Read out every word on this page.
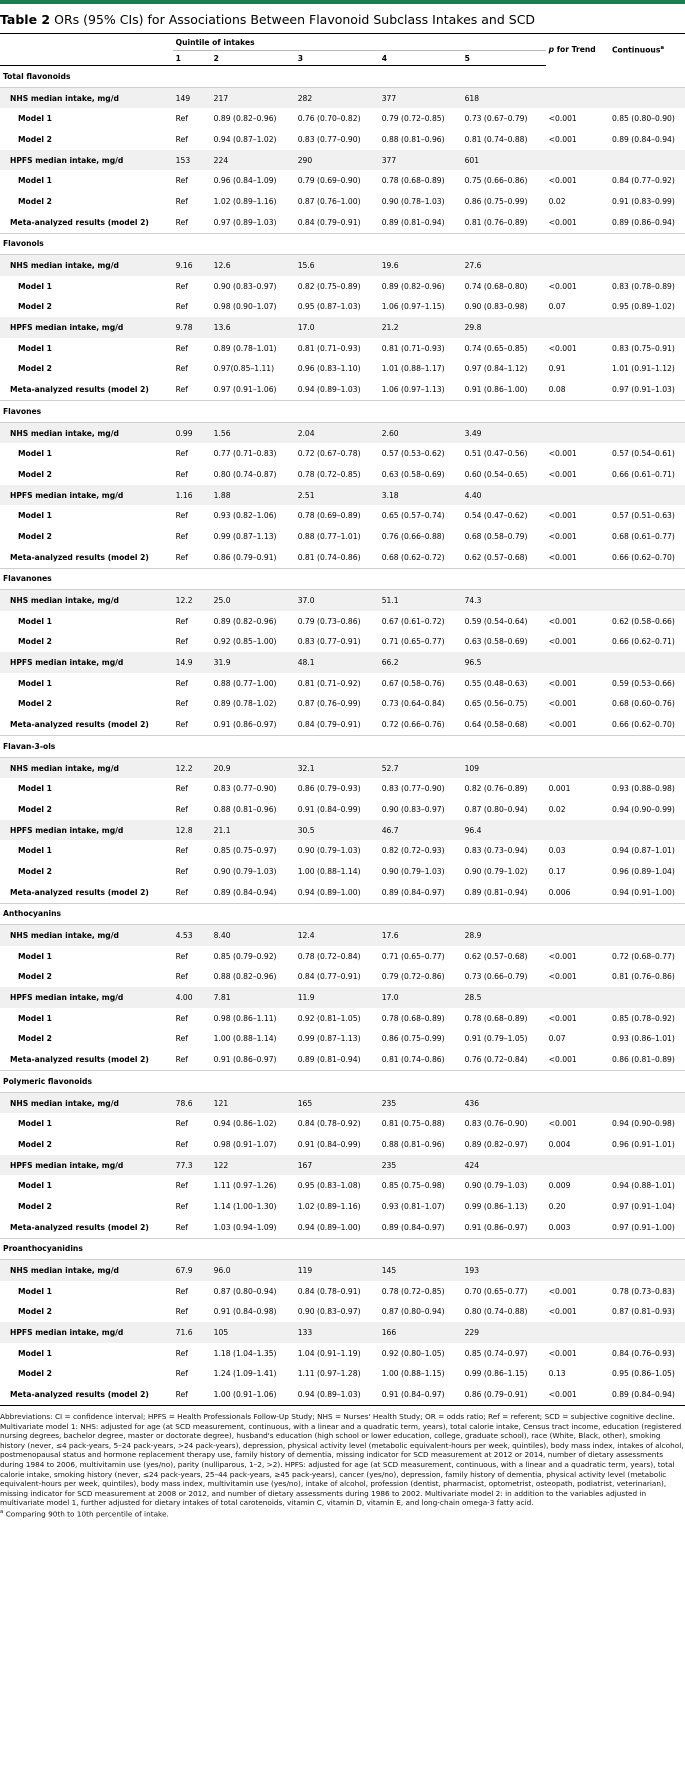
Table 2 ORs (95% CIs) for Associations Between Flavonoid Subclass Intakes and SCD
	Quintile of intakes					p for Trend	Continuous$^a$
	1	2	3	4	5		
Total flavonoids							
NHS median intake, mg/d	149	217	282	377	618		
Model 1	Ref	0.89 (0.82–0.96)	0.76 (0.70–0.82)	0.79 (0.72–0.85)	0.73 (0.67–0.79)	<0.001	0.85 (0.80–0.90)
Model 2	Ref	0.94 (0.87–1.02)	0.83 (0.77–0.90)	0.88 (0.81–0.96)	0.81 (0.74–0.88)	<0.001	0.89 (0.84–0.94)
HPFS median intake, mg/d	153	224	290	377	601		
Model 1	Ref	0.96 (0.84–1.09)	0.79 (0.69–0.90)	0.78 (0.68–0.89)	0.75 (0.66–0.86)	<0.001	0.84 (0.77–0.92)
Model 2	Ref	1.02 (0.89–1.16)	0.87 (0.76–1.00)	0.90 (0.78–1.03)	0.86 (0.75–0.99)	0.02	0.91 (0.83–0.99)
Meta-analyzed results (model 2)	Ref	0.97 (0.89–1.03)	0.84 (0.79–0.91)	0.89 (0.81–0.94)	0.81 (0.76–0.89)	<0.001	0.89 (0.86–0.94)
Flavonols							
NHS median intake, mg/d	9.16	12.6	15.6	19.6	27.6		
Model 1	Ref	0.90 (0.83–0.97)	0.82 (0.75–0.89)	0.89 (0.82–0.96)	0.74 (0.68–0.80)	<0.001	0.83 (0.78–0.89)
Model 2	Ref	0.98 (0.90–1.07)	0.95 (0.87–1.03)	1.06 (0.97–1.15)	0.90 (0.83–0.98)	0.07	0.95 (0.89–1.02)
HPFS median intake, mg/d	9.78	13.6	17.0	21.2	29.8		
Model 1	Ref	0.89 (0.78–1.01)	0.81 (0.71–0.93)	0.81 (0.71–0.93)	0.74 (0.65–0.85)	<0.001	0.83 (0.75–0.91)
Model 2	Ref	0.97(0.85–1.11)	0.96 (0.83–1.10)	1.01 (0.88–1.17)	0.97 (0.84–1.12)	0.91	1.01 (0.91–1.12)
Meta-analyzed results (model 2)	Ref	0.97 (0.91–1.06)	0.94 (0.89–1.03)	1.06 (0.97–1.13)	0.91 (0.86–1.00)	0.08	0.97 (0.91–1.03)
Flavones							
NHS median intake, mg/d	0.99	1.56	2.04	2.60	3.49		
Model 1	Ref	0.77 (0.71–0.83)	0.72 (0.67–0.78)	0.57 (0.53–0.62)	0.51 (0.47–0.56)	<0.001	0.57 (0.54–0.61)
Model 2	Ref	0.80 (0.74–0.87)	0.78 (0.72–0.85)	0.63 (0.58–0.69)	0.60 (0.54–0.65)	<0.001	0.66 (0.61–0.71)
HPFS median intake, mg/d	1.16	1.88	2.51	3.18	4.40		
Model 1	Ref	0.93 (0.82–1.06)	0.78 (0.69–0.89)	0.65 (0.57–0.74)	0.54 (0.47–0.62)	<0.001	0.57 (0.51–0.63)
Model 2	Ref	0.99 (0.87–1.13)	0.88 (0.77–1.01)	0.76 (0.66–0.88)	0.68 (0.58–0.79)	<0.001	0.68 (0.61–0.77)
Meta-analyzed results (model 2)	Ref	0.86 (0.79–0.91)	0.81 (0.74–0.86)	0.68 (0.62–0.72)	0.62 (0.57–0.68)	<0.001	0.66 (0.62–0.70)
Flavanones							
NHS median intake, mg/d	12.2	25.0	37.0	51.1	74.3		
Model 1	Ref	0.89 (0.82–0.96)	0.79 (0.73–0.86)	0.67 (0.61–0.72)	0.59 (0.54–0.64)	<0.001	0.62 (0.58–0.66)
Model 2	Ref	0.92 (0.85–1.00)	0.83 (0.77–0.91)	0.71 (0.65–0.77)	0.63 (0.58–0.69)	<0.001	0.66 (0.62–0.71)
HPFS median intake, mg/d	14.9	31.9	48.1	66.2	96.5		
Model 1	Ref	0.88 (0.77–1.00)	0.81 (0.71–0.92)	0.67 (0.58–0.76)	0.55 (0.48–0.63)	<0.001	0.59 (0.53–0.66)
Model 2	Ref	0.89 (0.78–1.02)	0.87 (0.76–0.99)	0.73 (0.64–0.84)	0.65 (0.56–0.75)	<0.001	0.68 (0.60–0.76)
Meta-analyzed results (model 2)	Ref	0.91 (0.86–0.97)	0.84 (0.79–0.91)	0.72 (0.66–0.76)	0.64 (0.58–0.68)	<0.001	0.66 (0.62–0.70)
Flavan-3-ols							
NHS median intake, mg/d	12.2	20.9	32.1	52.7	109		
Model 1	Ref	0.83 (0.77–0.90)	0.86 (0.79–0.93)	0.83 (0.77–0.90)	0.82 (0.76–0.89)	0.001	0.93 (0.88–0.98)
Model 2	Ref	0.88 (0.81–0.96)	0.91 (0.84–0.99)	0.90 (0.83–0.97)	0.87 (0.80–0.94)	0.02	0.94 (0.90–0.99)
HPFS median intake, mg/d	12.8	21.1	30.5	46.7	96.4		
Model 1	Ref	0.85 (0.75–0.97)	0.90 (0.79–1.03)	0.82 (0.72–0.93)	0.83 (0.73–0.94)	0.03	0.94 (0.87–1.01)
Model 2	Ref	0.90 (0.79–1.03)	1.00 (0.88–1.14)	0.90 (0.79–1.03)	0.90 (0.79–1.02)	0.17	0.96 (0.89–1.04)
Meta-analyzed results (model 2)	Ref	0.89 (0.84–0.94)	0.94 (0.89–1.00)	0.89 (0.84–0.97)	0.89 (0.81–0.94)	0.006	0.94 (0.91–1.00)
Anthocyanins							
NHS median intake, mg/d	4.53	8.40	12.4	17.6	28.9		
Model 1	Ref	0.85 (0.79–0.92)	0.78 (0.72–0.84)	0.71 (0.65–0.77)	0.62 (0.57–0.68)	<0.001	0.72 (0.68–0.77)
Model 2	Ref	0.88 (0.82–0.96)	0.84 (0.77–0.91)	0.79 (0.72–0.86)	0.73 (0.66–0.79)	<0.001	0.81 (0.76–0.86)
HPFS median intake, mg/d	4.00	7.81	11.9	17.0	28.5		
Model 1	Ref	0.98 (0.86–1.11)	0.92 (0.81–1.05)	0.78 (0.68–0.89)	0.78 (0.68–0.89)	<0.001	0.85 (0.78–0.92)
Model 2	Ref	1.00 (0.88–1.14)	0.99 (0.87–1.13)	0.86 (0.75–0.99)	0.91 (0.79–1.05)	0.07	0.93 (0.86–1.01)
Meta-analyzed results (model 2)	Ref	0.91 (0.86–0.97)	0.89 (0.81–0.94)	0.81 (0.74–0.86)	0.76 (0.72–0.84)	<0.001	0.86 (0.81–0.89)
Polymeric flavonoids							
NHS median intake, mg/d	78.6	121	165	235	436		
Model 1	Ref	0.94 (0.86–1.02)	0.84 (0.78–0.92)	0.81 (0.75–0.88)	0.83 (0.76–0.90)	<0.001	0.94 (0.90–0.98)
Model 2	Ref	0.98 (0.91–1.07)	0.91 (0.84–0.99)	0.88 (0.81–0.96)	0.89 (0.82–0.97)	0.004	0.96 (0.91–1.01)
HPFS median intake, mg/d	77.3	122	167	235	424		
Model 1	Ref	1.11 (0.97–1.26)	0.95 (0.83–1.08)	0.85 (0.75–0.98)	0.90 (0.79–1.03)	0.009	0.94 (0.88–1.01)
Model 2	Ref	1.14 (1.00–1.30)	1.02 (0.89–1.16)	0.93 (0.81–1.07)	0.99 (0.86–1.13)	0.20	0.97 (0.91–1.04)
Meta-analyzed results (model 2)	Ref	1.03 (0.94–1.09)	0.94 (0.89–1.00)	0.89 (0.84–0.97)	0.91 (0.86–0.97)	0.003	0.97 (0.91–1.00)
Proanthocyanidins							
NHS median intake, mg/d	67.9	96.0	119	145	193		
Model 1	Ref	0.87 (0.80–0.94)	0.84 (0.78–0.91)	0.78 (0.72–0.85)	0.70 (0.65–0.77)	<0.001	0.78 (0.73–0.83)
Model 2	Ref	0.91 (0.84–0.98)	0.90 (0.83–0.97)	0.87 (0.80–0.94)	0.80 (0.74–0.88)	<0.001	0.87 (0.81–0.93)
HPFS median intake, mg/d	71.6	105	133	166	229		
Model 1	Ref	1.18 (1.04–1.35)	1.04 (0.91–1.19)	0.92 (0.80–1.05)	0.85 (0.74–0.97)	<0.001	0.84 (0.76–0.93)
Model 2	Ref	1.24 (1.09–1.41)	1.11 (0.97–1.28)	1.00 (0.88–1.15)	0.99 (0.86–1.15)	0.13	0.95 (0.86–1.05)
Meta-analyzed results (model 2)	Ref	1.00 (0.91–1.06)	0.94 (0.89–1.03)	0.91 (0.84–0.97)	0.86 (0.79–0.91)	<0.001	0.89 (0.84–0.94)

Abbreviations: CI = confidence interval; HPFS = Health Professionals Follow-Up Study; NHS = Nurses' Health Study; OR = odds ratio; Ref = referent; SCD = subjective cognitive decline.

Multivariate model 1: NHS: adjusted for age (at SCD measurement, continuous, with a linear and a quadratic term, years), total calorie intake, Census tract income, education (registered nursing degrees, bachelor degree, master or doctorate degree), husband's education (high school or lower education, college, graduate school), race (White, Black, other), smoking history (never, ≤4 pack-years, 5–24 pack-years, >24 pack-years), depression, physical activity level (metabolic equivalent-hours per week, quintiles), body mass index, intakes of alcohol, postmenopausal status and hormone replacement therapy use, family history of dementia, missing indicator for SCD measurement at 2012 or 2014, number of dietary assessments during 1984 to 2006, multivitamin use (yes/no), parity (nulliparous, 1–2, >2). HPFS: adjusted for age (at SCD measurement, continuous, with a linear and a quadratic term, years), total calorie intake, smoking history (never, ≤24 pack-years, 25–44 pack-years, ≥45 pack-years), cancer (yes/no), depression, family history of dementia, physical activity level (metabolic equivalent-hours per week, quintiles), body mass index, multivitamin use (yes/no), intake of alcohol, profession (dentist, pharmacist, optometrist, osteopath, podiatrist, veterinarian), missing indicator for SCD measurement at 2008 or 2012, and number of dietary assessments during 1986 to 2002. Multivariate model 2: in addition to the variables adjusted in multivariate model 1, further adjusted for dietary intakes of total carotenoids, vitamin C, vitamin D, vitamin E, and long-chain omega-3 fatty acid.

$^a$ Comparing 90th to 10th percentile of intake.
